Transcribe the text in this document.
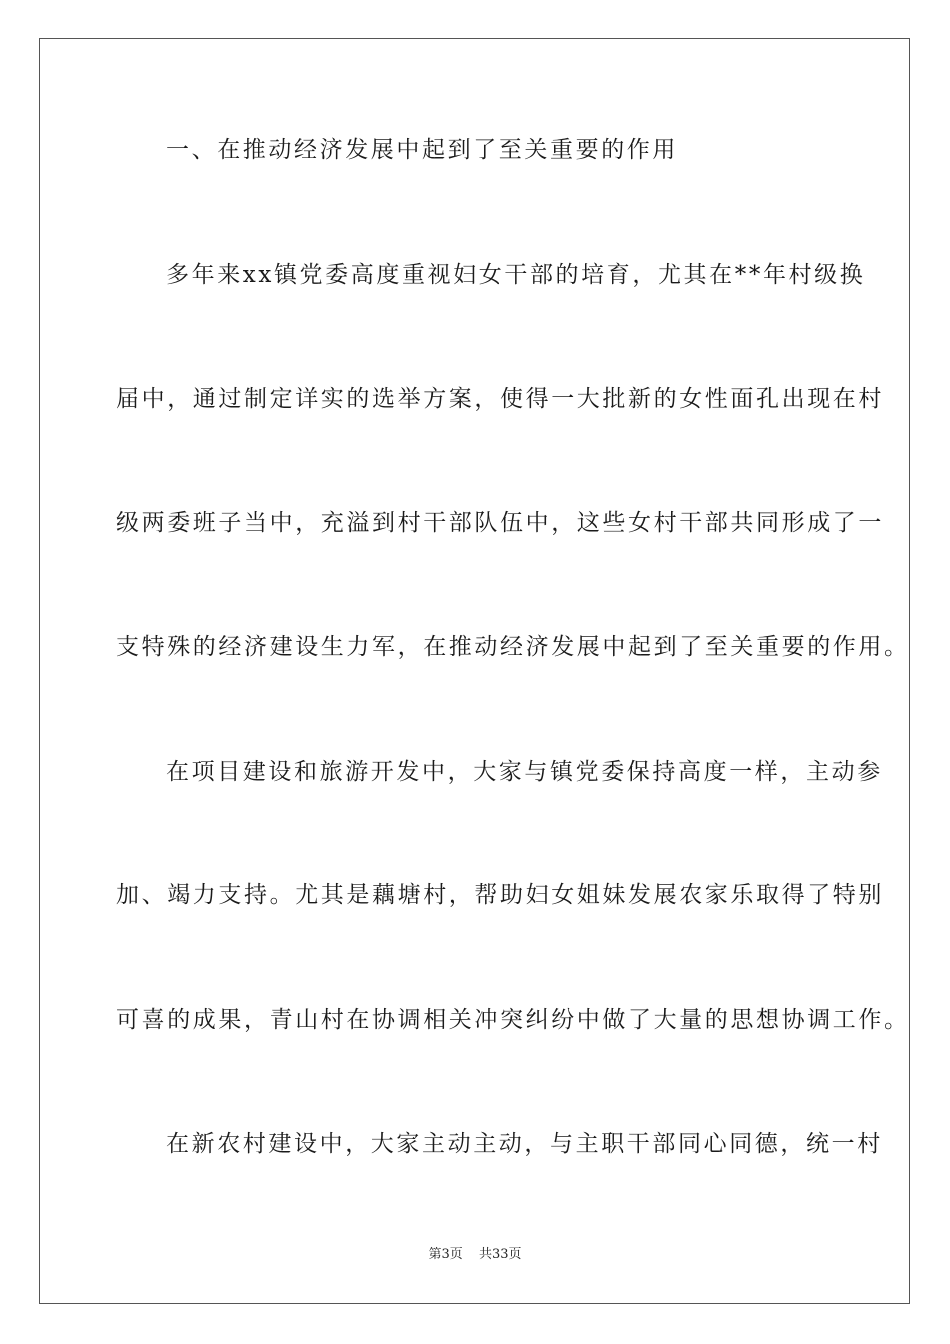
一、在推动经济发展中起到了至关重要的作用
多年来xx镇党委高度重视妇女干部的培育，尤其在**年村级换
届中，通过制定详实的选举方案，使得一大批新的女性面孔出现在村
级两委班子当中，充溢到村干部队伍中，这些女村干部共同形成了一
支特殊的经济建设生力军，在推动经济发展中起到了至关重要的作用。
在项目建设和旅游开发中，大家与镇党委保持高度一样，主动参
加、竭力支持。尤其是藕塘村，帮助妇女姐妹发展农家乐取得了特别
可喜的成果，青山村在协调相关冲突纠纷中做了大量的思想协调工作。
在新农村建设中，大家主动主动，与主职干部同心同德，统一村
第3页 共33页
